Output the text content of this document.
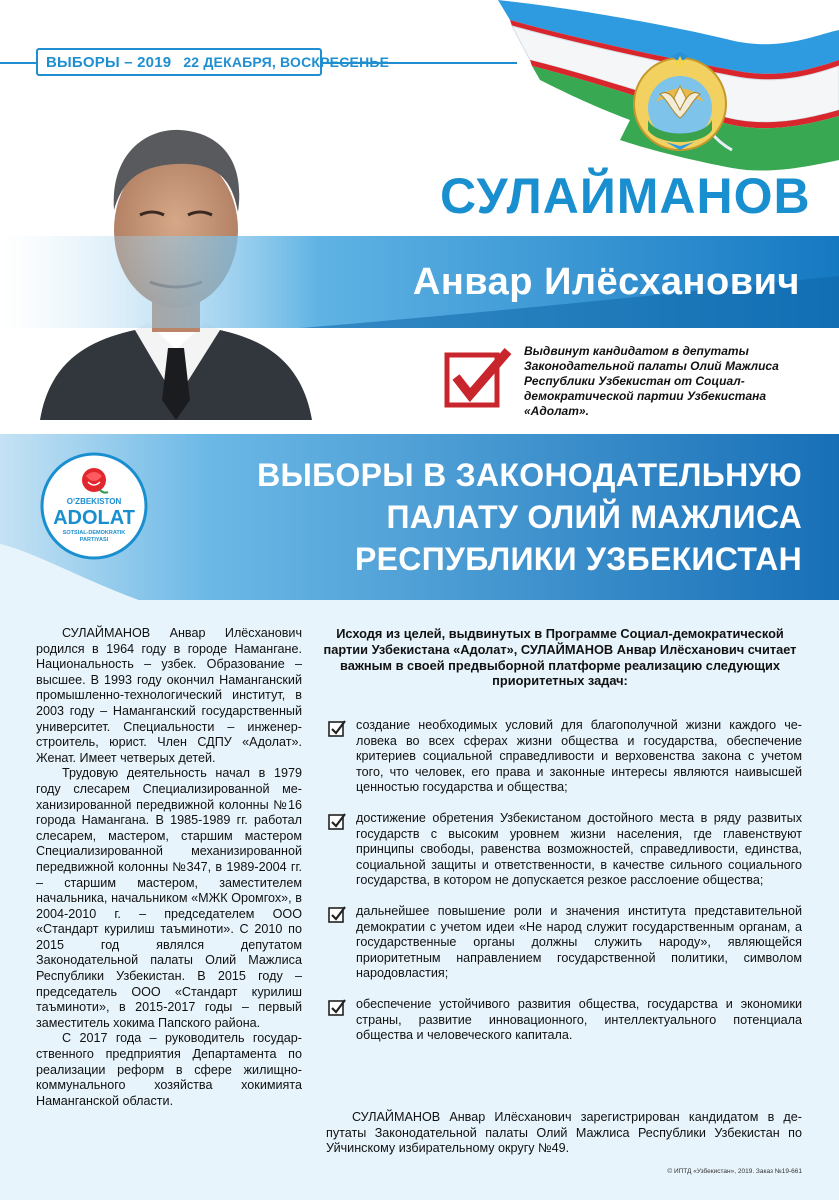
ВЫБОРЫ – 2019 22 ДЕКАБРЯ, ВОСКРЕСЕНЬЕ
СУЛАЙМАНОВ
Анвар Илёсханович
Выдвинут кандидатом в депутаты Законодательной палаты Олий Мажлиса Республики Узбекистан от Социал-демократической партии Узбекистана «Адолат».
O‘ZBEKISTON
ADOLAT
SOTSIAL-DEMOKRATIK
PARTIYASI
ВЫБОРЫ В ЗАКОНОДАТЕЛЬНУЮ
ПАЛАТУ ОЛИЙ МАЖЛИСА
РЕСПУБЛИКИ УЗБЕКИСТАН

СУЛАЙМАНОВ Анвар Илёсханович родился в 1964 году в городе Намангане. Национальность – узбек. Образование – высшее. В 1993 году окончил Наманганский промышленно-технологический институт, в 2003 году – Наманганский государственный университет. Специальности – инженер-строитель, юрист. Член СДПУ «Адолат». Женат. Имеет четверых детей.

Трудовую деятельность начал в 1979 году слесарем Специализированной механизированной передвижной колонны №16 города Намангана. В 1985-1989 гг. работал слесарем, мастером, старшим мастером Специализированной механизированной передвижной колонны №347, в 1989-2004 гг. – старшим мастером, заместителем начальника, начальником «МЖК Оромгох», в 2004-2010 г. – председателем ООО «Стандарт курилиш таъминoти». С 2010 по 2015 год являлся депутатом Законодательной палаты Олий Мажлиса Республики Узбекистан. В 2015 году – председатель ООО «Стандарт курилиш таъминoти», в 2015-2017 годы – первый заместитель хокима Папского района.

С 2017 года – руководитель государственного предприятия Департамента по реализации реформ в сфере жилищно-коммунального хозяйства хокимията Наманганской области.

Исходя из целей, выдвинутых в Программе Социал-демократической партии Узбекистана «Адолат», СУЛАЙМАНОВ Анвар Илёсханович считает важным в своей предвыборной платформе реализацию следующих приоритетных задач:
создание необходимых условий для благополучной жизни каждого человека во всех сферах жизни общества и государства, обеспечение критериев социальной справедливости и верховенства закона с учетом того, что человек, его права и законные интересы являются наивысшей ценностью государства и общества;
достижение обретения Узбекистаном достойного места в ряду развитых государств с высоким уровнем жизни населения, где главенствуют принципы свободы, равенства возможностей, справедливости, единства, социальной защиты и ответственности, в качестве сильного социального государства, в котором не допускается резкое расслоение общества;
дальнейшее повышение роли и значения института представительной демократии с учетом идеи «Не народ служит государственным органам, а государственные органы должны служить народу», являющейся приоритетным направлением государственной политики, символом народовластия;
обеспечение устойчивого развития общества, государства и экономики страны, развитие инновационного, интеллектуального потенциала общества и человеческого капитала.
СУЛАЙМАНОВ Анвар Илёсханович зарегистрирован кандидатом в депутаты Законодательной палаты Олий Мажлиса Республики Узбекистан по Уйчинскому избирательному округу №49.
© ИПТД «Узбекистан», 2019. Заказ №19-661
